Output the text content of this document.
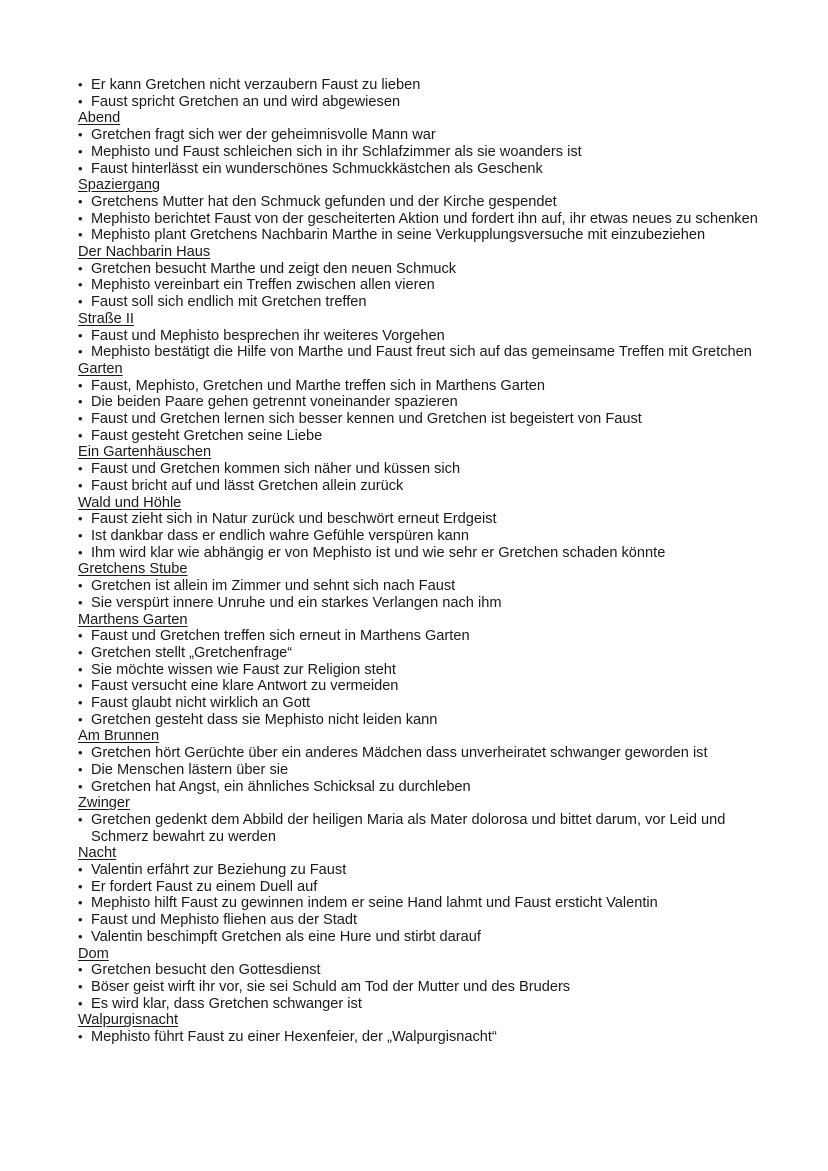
• Er kann Gretchen nicht verzaubern Faust zu lieben
• Faust spricht Gretchen an und wird abgewiesen
Abend
• Gretchen fragt sich wer der geheimnisvolle Mann war
• Mephisto und Faust schleichen sich in ihr Schlafzimmer als sie woanders ist
• Faust hinterlässt ein wunderschönes Schmuckkästchen als Geschenk
Spaziergang
• Gretchens Mutter hat den Schmuck gefunden und der Kirche gespendet
• Mephisto berichtet Faust von der gescheiterten Aktion und fordert ihn auf, ihr etwas neues zu schenken
• Mephisto plant Gretchens Nachbarin Marthe in seine Verkupplungsversuche mit einzubeziehen
Der Nachbarin Haus
• Gretchen besucht Marthe und zeigt den neuen Schmuck
• Mephisto vereinbart ein Treffen zwischen allen vieren
• Faust soll sich endlich mit Gretchen treffen
Straße II
• Faust und Mephisto besprechen ihr weiteres Vorgehen
• Mephisto bestätigt die Hilfe von Marthe und Faust freut sich auf das gemeinsame Treffen mit Gretchen
Garten
• Faust, Mephisto, Gretchen und Marthe treffen sich in Marthens Garten
• Die beiden Paare gehen getrennt voneinander spazieren
• Faust und Gretchen lernen sich besser kennen und Gretchen ist begeistert von Faust
• Faust gesteht Gretchen seine Liebe
Ein Gartenhäuschen
• Faust und Gretchen kommen sich näher und küssen sich
• Faust bricht auf und lässt Gretchen allein zurück
Wald und Höhle
• Faust zieht sich in Natur zurück und beschwört erneut Erdgeist
• Ist dankbar dass er endlich wahre Gefühle verspüren kann
• Ihm wird klar wie abhängig er von Mephisto ist und wie sehr er Gretchen schaden könnte
Gretchens Stube
• Gretchen ist allein im Zimmer und sehnt sich nach Faust
• Sie verspürt innere Unruhe und ein starkes Verlangen nach ihm
Marthens Garten
• Faust und Gretchen treffen sich erneut in Marthens Garten
• Gretchen stellt „Gretchenfrage“
• Sie möchte wissen wie Faust zur Religion steht
• Faust versucht eine klare Antwort zu vermeiden
• Faust glaubt nicht wirklich an Gott
• Gretchen gesteht dass sie Mephisto nicht leiden kann
Am Brunnen
• Gretchen hört Gerüchte über ein anderes Mädchen dass unverheiratet schwanger geworden ist
• Die Menschen lästern über sie
• Gretchen hat Angst, ein ähnliches Schicksal zu durchleben
Zwinger
• Gretchen gedenkt dem Abbild der heiligen Maria als Mater dolorosa und bittet darum, vor Leid und Schmerz bewahrt zu werden
Nacht
• Valentin erfährt zur Beziehung zu Faust
• Er fordert Faust zu einem Duell auf
• Mephisto hilft Faust zu gewinnen indem er seine Hand lahmt und Faust ersticht Valentin
• Faust und Mephisto fliehen aus der Stadt
• Valentin beschimpft Gretchen als eine Hure und stirbt darauf
Dom
• Gretchen besucht den Gottesdienst
• Böser geist wirft ihr vor, sie sei Schuld am Tod der Mutter und des Bruders
• Es wird klar, dass Gretchen schwanger ist
Walpurgisnacht
• Mephisto führt Faust zu einer Hexenfeier, der „Walpurgisnacht“
